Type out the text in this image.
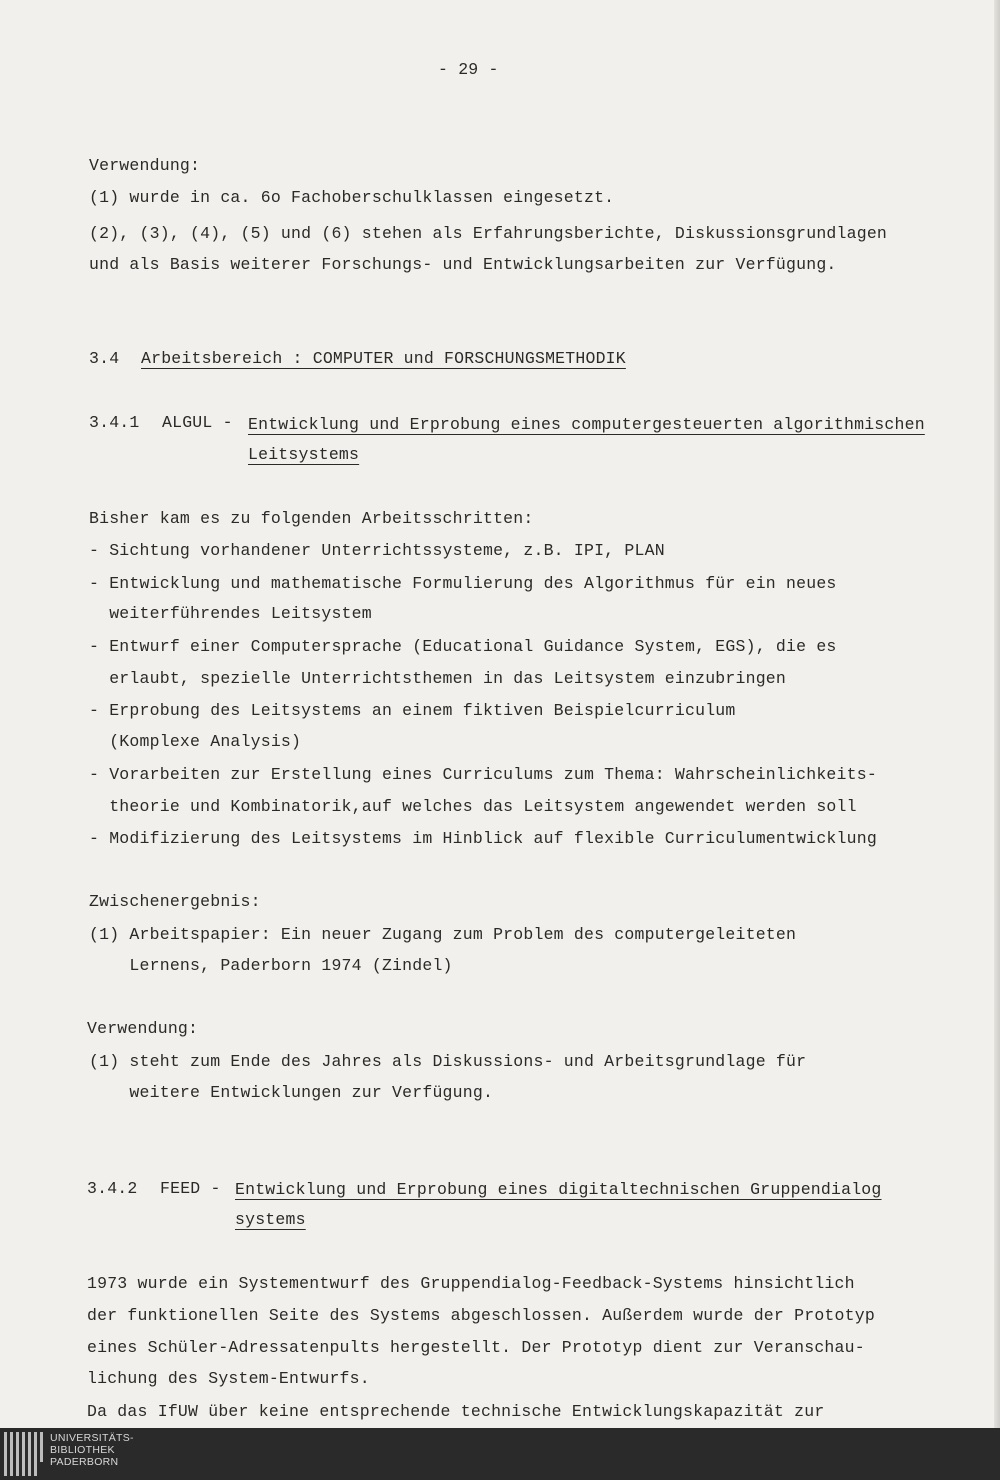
- 29 -
Verwendung:
(1) wurde in ca. 6o Fachoberschulklassen eingesetzt.
(2), (3), (4), (5) und (6) stehen als Erfahrungsberichte, Diskussionsgrundlagen
und als Basis weiterer Forschungs- und Entwicklungsarbeiten zur Verfügung.
3.4 Arbeitsbereich : COMPUTER und FORSCHUNGSMETHODIK
3.4.1 ALGUL - Entwicklung und Erprobung eines computergesteuerten algorithmischen
Leitsystems
Bisher kam es zu folgenden Arbeitsschritten:
- Sichtung vorhandener Unterrichtssysteme, z.B. IPI, PLAN
- Entwicklung und mathematische Formulierung des Algorithmus für ein neues
weiterführendes Leitsystem
- Entwurf einer Computersprache (Educational Guidance System, EGS), die es
erlaubt, spezielle Unterrichtsthemen in das Leitsystem einzubringen
- Erprobung des Leitsystems an einem fiktiven Beispielcurriculum
(Komplexe Analysis)
- Vorarbeiten zur Erstellung eines Curriculums zum Thema: Wahrscheinlichkeits-
theorie und Kombinatorik,auf welches das Leitsystem angewendet werden soll
- Modifizierung des Leitsystems im Hinblick auf flexible Curriculumentwicklung
Zwischenergebnis:
(1) Arbeitspapier: Ein neuer Zugang zum Problem des computergeleiteten
Lernens, Paderborn 1974 (Zindel)
Verwendung:
(1) steht zum Ende des Jahres als Diskussions- und Arbeitsgrundlage für
weitere Entwicklungen zur Verfügung.
3.4.2 FEED - Entwicklung und Erprobung eines digitaltechnischen Gruppendialog
systems
1973 wurde ein Systementwurf des Gruppendialog-Feedback-Systems hinsichtlich
der funktionellen Seite des Systems abgeschlossen. Außerdem wurde der Prototyp
eines Schüler-Adressatenpults hergestellt. Der Prototyp dient zur Veranschau-
lichung des System-Entwurfs.
Da das IfUW über keine entsprechende technische Entwicklungskapazität zur
UNIVERSITÄTS-
BIBLIOTHEK
PADERBORN
